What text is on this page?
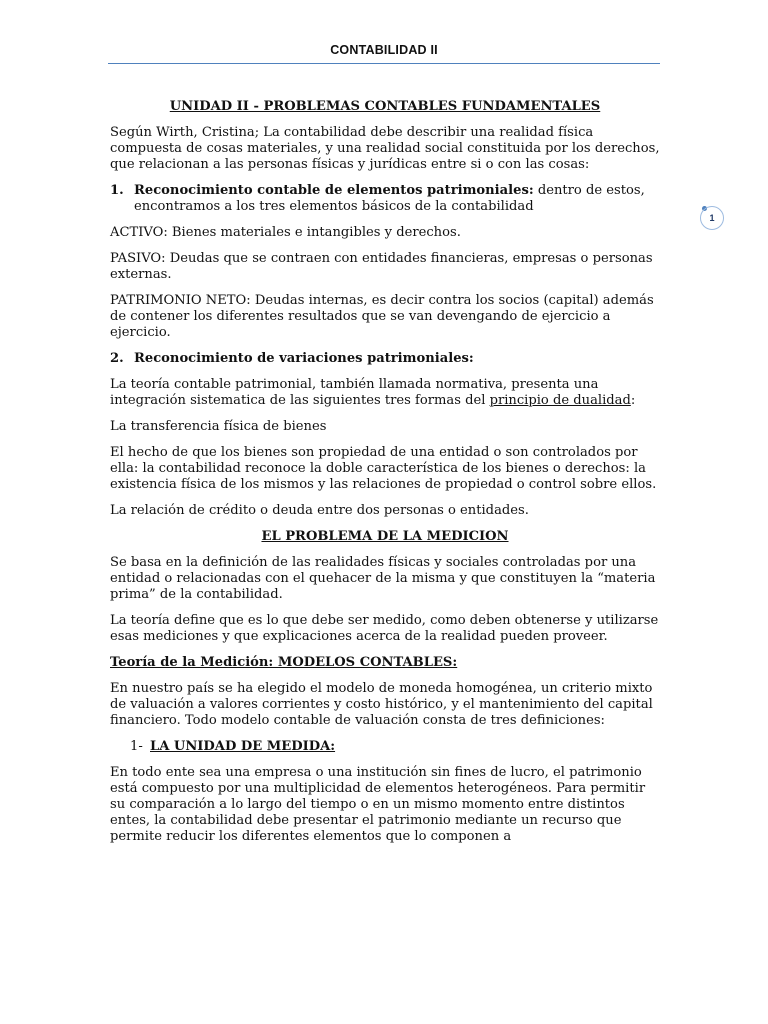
CONTABILIDAD II
1

UNIDAD II - PROBLEMAS CONTABLES FUNDAMENTALES

Según Wirth, Cristina; La contabilidad debe describir una realidad física compuesta de cosas materiales, y una realidad social constituida por los derechos, que relacionan a las personas físicas y jurídicas entre si o con las cosas:

1. Reconocimiento contable de elementos patrimoniales: dentro de estos, encontramos a los tres elementos básicos de la contabilidad

ACTIVO: Bienes materiales e intangibles y derechos.

PASIVO: Deudas que se contraen con entidades financieras, empresas o personas externas.

PATRIMONIO NETO: Deudas internas, es decir contra los socios (capital) además de contener los diferentes resultados que se van devengando de ejercicio a ejercicio.

2. Reconocimiento de variaciones patrimoniales:

La teoría contable patrimonial, también llamada normativa, presenta una integración sistematica de las siguientes tres formas del principio de dualidad:

La transferencia física de bienes

El hecho de que los bienes son propiedad de una entidad o son controlados por ella: la contabilidad reconoce la doble característica de los bienes o derechos: la existencia física de los mismos y las relaciones de propiedad o control sobre ellos.

La relación de crédito o deuda entre dos personas o entidades.

EL PROBLEMA DE LA MEDICION

Se basa en la definición de las realidades físicas y sociales controladas por una entidad o relacionadas con el quehacer de la misma y que constituyen la “materia prima” de la contabilidad.

La teoría define que es lo que debe ser medido, como deben obtenerse y utilizarse esas mediciones y que explicaciones acerca de la realidad pueden proveer.

Teoría de la Medición: MODELOS CONTABLES:

En nuestro país se ha elegido el modelo de moneda homogénea, un criterio mixto de valuación a valores corrientes y costo histórico, y el mantenimiento del capital financiero. Todo modelo contable de valuación consta de tres definiciones:

1- LA UNIDAD DE MEDIDA:

En todo ente sea una empresa o una institución sin fines de lucro, el patrimonio está compuesto por una multiplicidad de elementos heterogéneos. Para permitir su comparación a lo largo del tiempo o en un mismo momento entre distintos entes, la contabilidad debe presentar el patrimonio mediante un recurso que permite reducir los diferentes elementos que lo componen a
